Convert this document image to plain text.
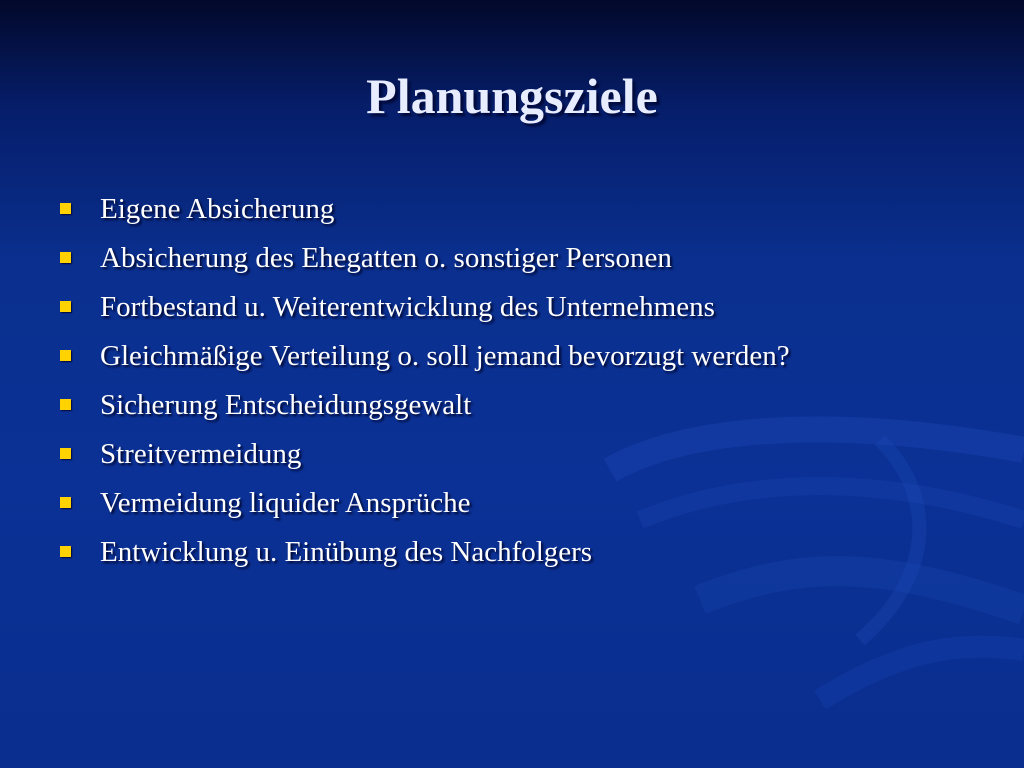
Planungsziele
Eigene Absicherung
Absicherung des Ehegatten o. sonstiger Personen
Fortbestand u. Weiterentwicklung des Unternehmens
Gleichmäßige Verteilung o. soll jemand bevorzugt werden?
Sicherung Entscheidungsgewalt
Streitvermeidung
Vermeidung liquider Ansprüche
Entwicklung u. Einübung des Nachfolgers
